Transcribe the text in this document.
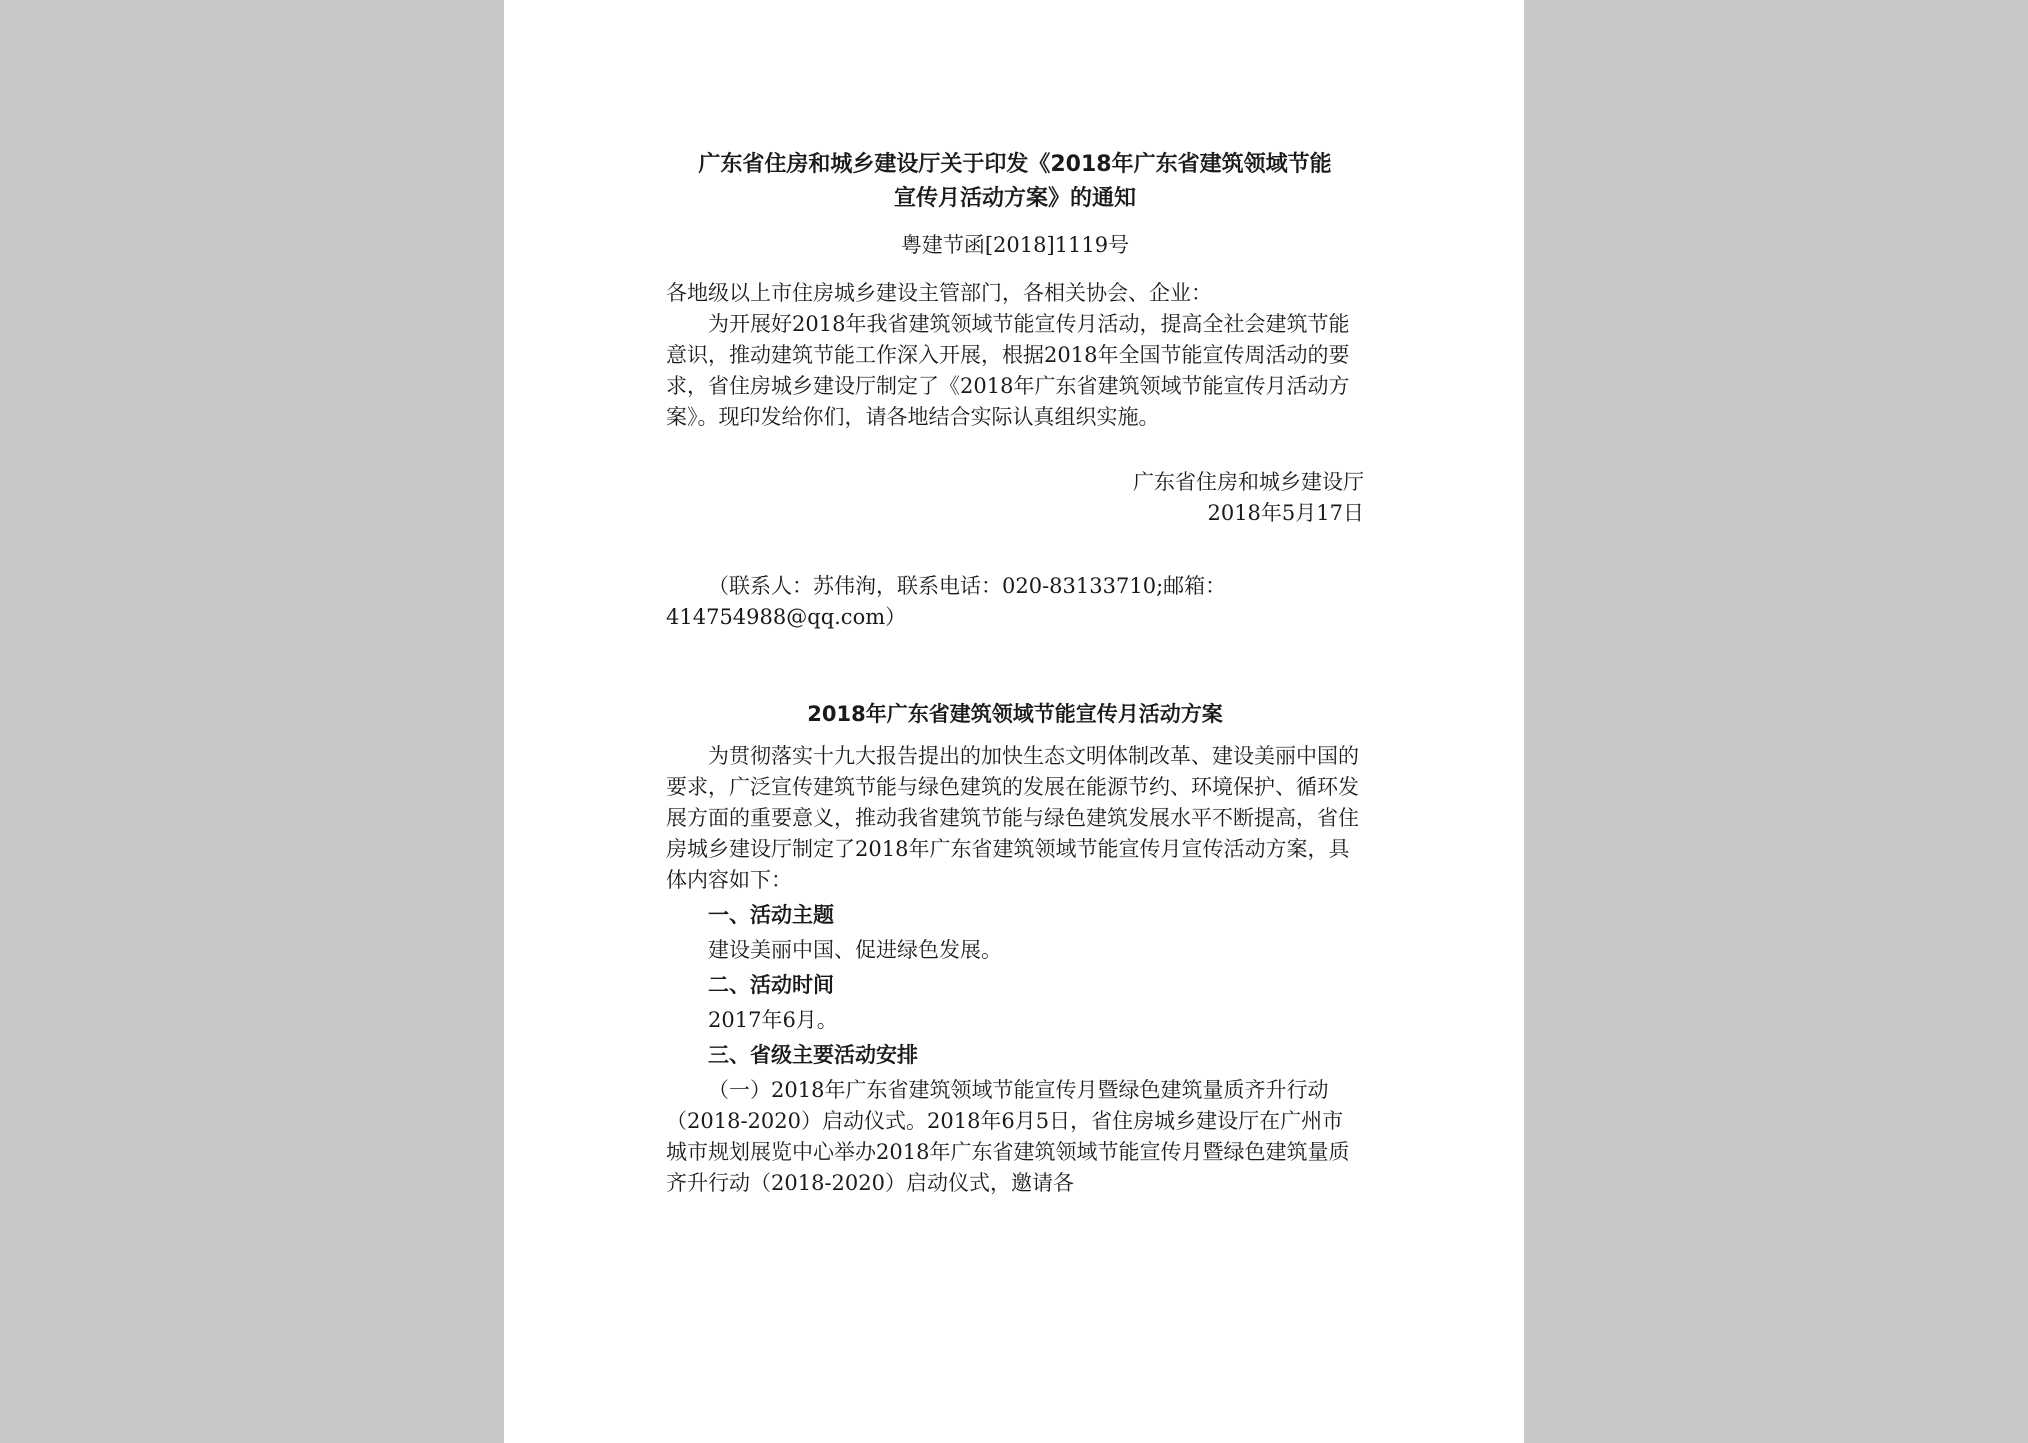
广东省住房和城乡建设厅关于印发《2018年广东省建筑领域节能
宣传月活动方案》的通知
粤建节函[2018]1119号

各地级以上市住房城乡建设主管部门，各相关协会、企业：

为开展好2018年我省建筑领域节能宣传月活动，提高全社会建筑节能意识，推动建筑节能工作深入开展，根据2018年全国节能宣传周活动的要求，省住房城乡建设厅制定了《2018年广东省建筑领域节能宣传月活动方案》。现印发给你们，请各地结合实际认真组织实施。

广东省住房和城乡建设厅
2018年5月17日

（联系人：苏伟洵，联系电话：020-83133710;邮箱：414754988@qq.com）

2018年广东省建筑领域节能宣传月活动方案

为贯彻落实十九大报告提出的加快生态文明体制改革、建设美丽中国的要求，广泛宣传建筑节能与绿色建筑的发展在能源节约、环境保护、循环发展方面的重要意义，推动我省建筑节能与绿色建筑发展水平不断提高，省住房城乡建设厅制定了2018年广东省建筑领域节能宣传月宣传活动方案，具体内容如下：

一、活动主题

建设美丽中国、促进绿色发展。

二、活动时间

2017年6月。

三、省级主要活动安排

（一）2018年广东省建筑领域节能宣传月暨绿色建筑量质齐升行动（2018-2020）启动仪式。2018年6月5日，省住房城乡建设厅在广州市城市规划展览中心举办2018年广东省建筑领域节能宣传月暨绿色建筑量质齐升行动（2018-2020）启动仪式，邀请各
